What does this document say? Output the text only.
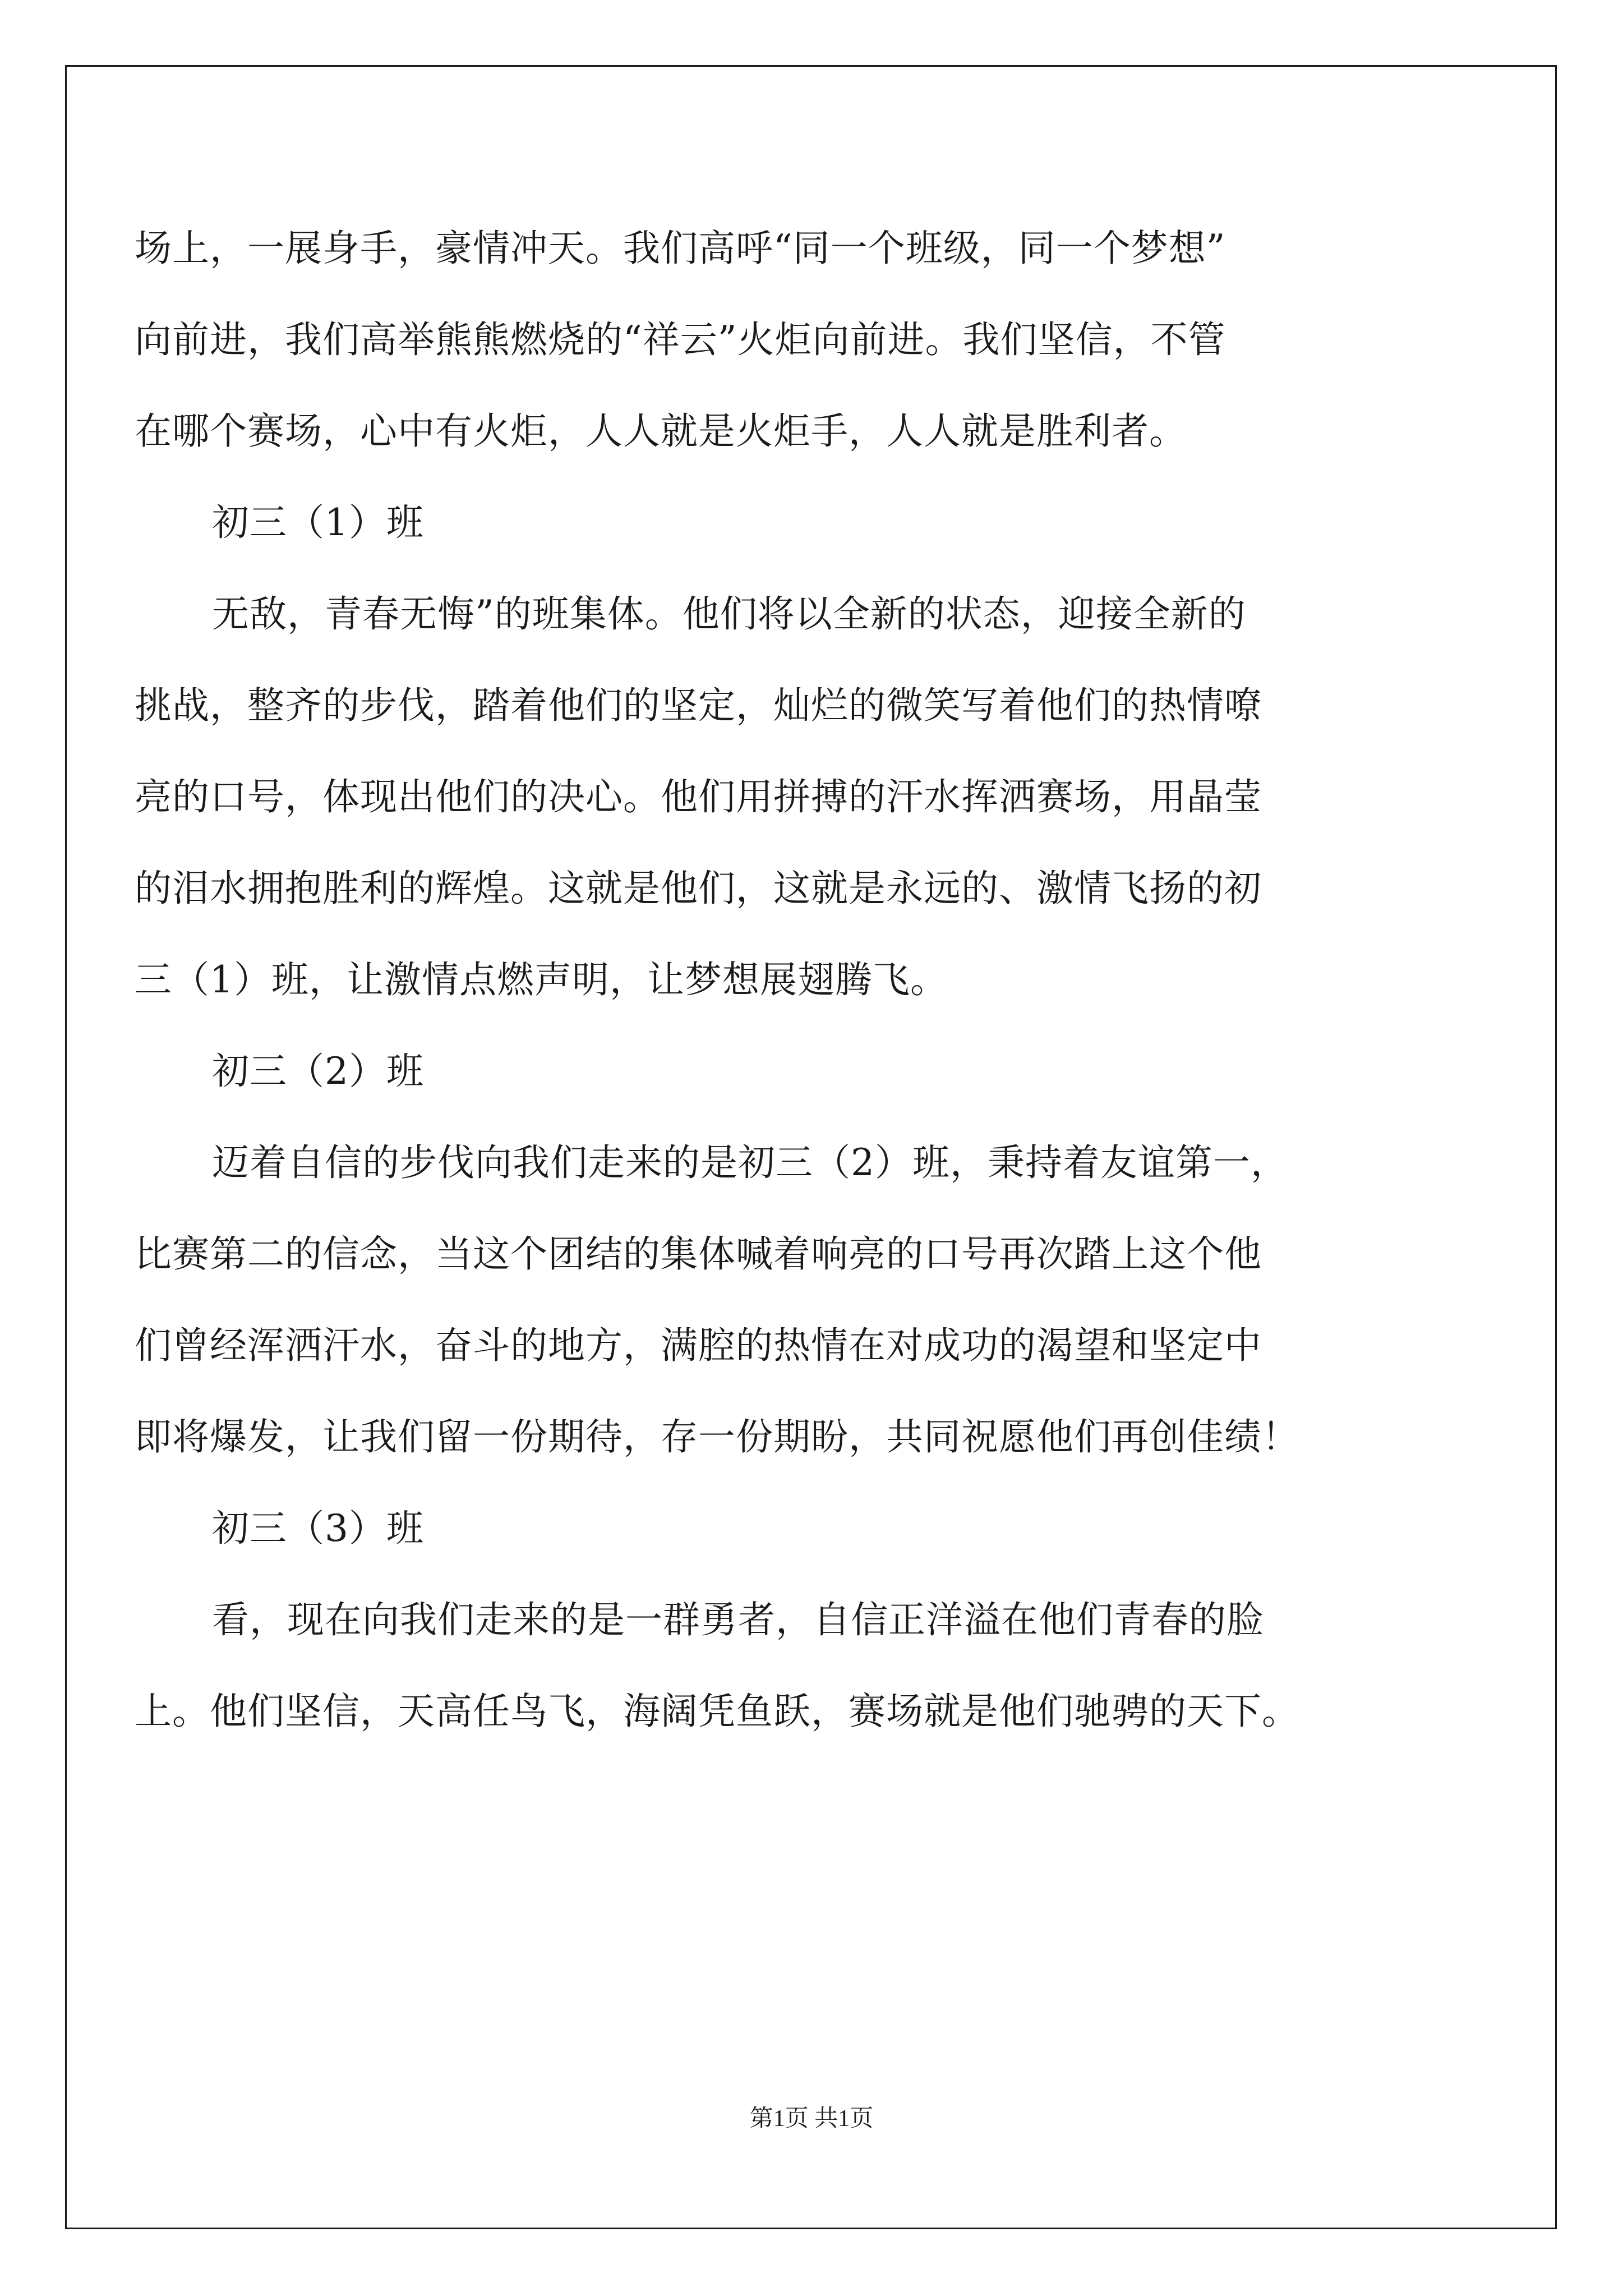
场上，一展身手，豪情冲天。我们高呼“同一个班级，同一个梦想”
向前进，我们高举熊熊燃烧的“祥云”火炬向前进。我们坚信，不管
在哪个赛场，心中有火炬，人人就是火炬手，人人就是胜利者。
初三（1）班
无敌，青春无悔”的班集体。他们将以全新的状态，迎接全新的
挑战，整齐的步伐，踏着他们的坚定，灿烂的微笑写着他们的热情嘹
亮的口号，体现出他们的决心。他们用拼搏的汗水挥洒赛场，用晶莹
的泪水拥抱胜利的辉煌。这就是他们，这就是永远的、激情飞扬的初
三（1）班，让激情点燃声明，让梦想展翅腾飞。
初三（2）班
迈着自信的步伐向我们走来的是初三（2）班，秉持着友谊第一，
比赛第二的信念，当这个团结的集体喊着响亮的口号再次踏上这个他
们曾经浑洒汗水，奋斗的地方，满腔的热情在对成功的渴望和坚定中
即将爆发，让我们留一份期待，存一份期盼，共同祝愿他们再创佳绩！
初三（3）班
看，现在向我们走来的是一群勇者，自信正洋溢在他们青春的脸
上。他们坚信，天高任鸟飞，海阔凭鱼跃，赛场就是他们驰骋的天下。
第1页 共1页
